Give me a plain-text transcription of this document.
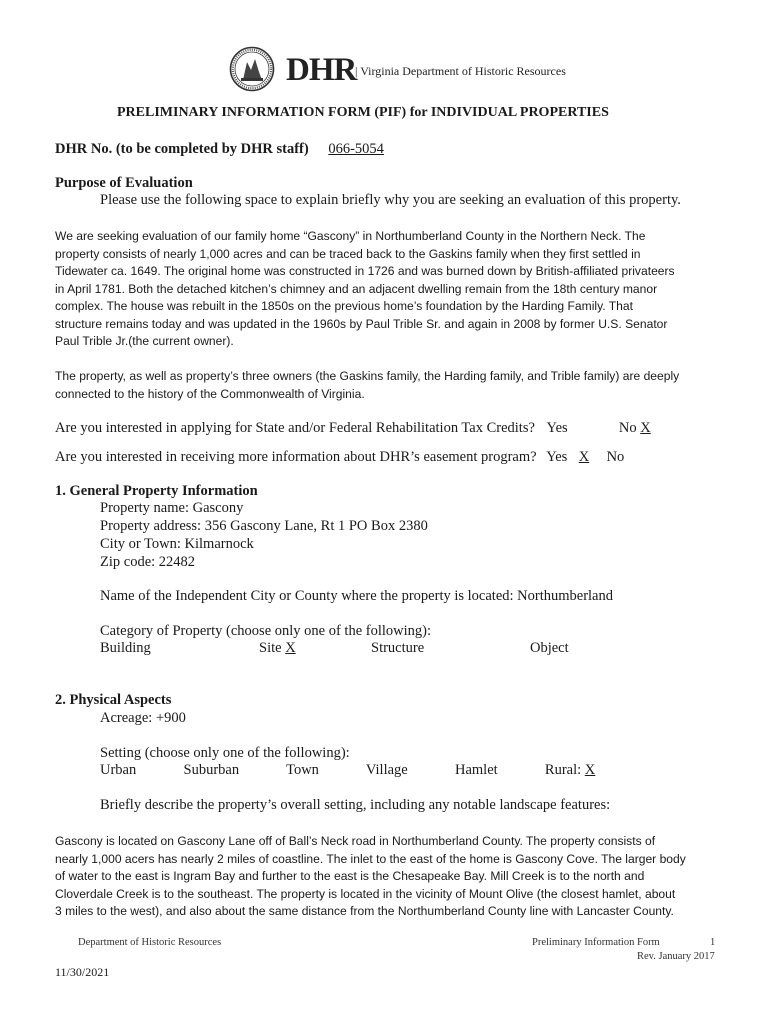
DHR
| Virginia Department of Historic Resources
PRELIMINARY INFORMATION FORM (PIF) for INDIVIDUAL PROPERTIES
DHR No. (to be completed by DHR staff) 066-5054
Purpose of Evaluation
Please use the following space to explain briefly why you are seeking an evaluation of this property.
We are seeking evaluation of our family home “Gascony” in Northumberland County in the Northern Neck. The
property consists of nearly 1,000 acres and can be traced back to the Gaskins family when they first settled in
Tidewater ca. 1649. The original home was constructed in 1726 and was burned down by British-affiliated privateers
in April 1781. Both the detached kitchen’s chimney and an adjacent dwelling remain from the 18th century manor
complex. The house was rebuilt in the 1850s on the previous home’s foundation by the Harding Family. That
structure remains today and was updated in the 1960s by Paul Trible Sr. and again in 2008 by former U.S. Senator
Paul Trible Jr.(the current owner).
The property, as well as property’s three owners (the Gaskins family, the Harding family, and Trible family) are deeply
connected to the history of the Commonwealth of Virginia.
Are you interested in applying for State and/or Federal Rehabilitation Tax Credits? Yes	No X
Are you interested in receiving more information about DHR’s easement program? Yes X No
1. General Property Information
Property name: Gascony
Property address: 356 Gascony Lane, Rt 1 PO Box 2380
City or Town: Kilmarnock
Zip code: 22482
Name of the Independent City or County where the property is located: Northumberland
Category of Property (choose only one of the following):
Building	Site X	Structure	Object
2. Physical Aspects
Acreage: +900
Setting (choose only one of the following):
Urban	Suburban	Town	Village	Hamlet	Rural: X
Briefly describe the property’s overall setting, including any notable landscape features:
Gascony is located on Gascony Lane off of Ball’s Neck road in Northumberland County. The property consists of
nearly 1,000 acers has nearly 2 miles of coastline. The inlet to the east of the home is Gascony Cove. The larger body
of water to the east is Ingram Bay and further to the east is the Chesapeake Bay. Mill Creek is to the north and
Cloverdale Creek is to the southeast. The property is located in the vicinity of Mount Olive (the closest hamlet, about
3 miles to the west), and also about the same distance from the Northumberland County line with Lancaster County.
Department of Historic Resources	Preliminary Information Form	1
Rev. January 2017
11/30/2021
